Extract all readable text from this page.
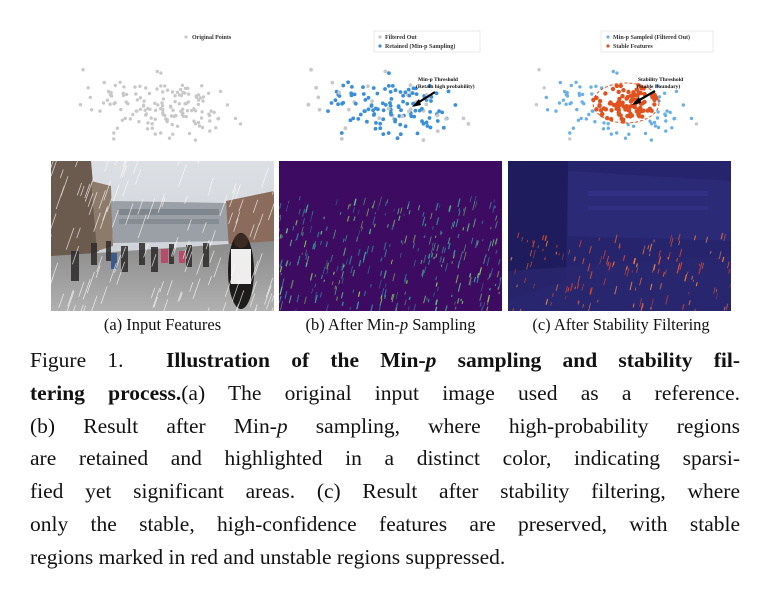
Original Points	Filtered Out
Retained (Min-p Sampling)
Min-p Threshold
(Retain high probability)
Min-p Sampled (Filtered Out)
Stable Features
Stability Threshold
(Stable Boundary)
(a) Input Features	(b) After Min-p Sampling	(c) After Stability Filtering
Figure 1. Illustration of the Min-p sampling and stability fil-
tering process.(a) The original input image used as a reference.
(b) Result after Min-p sampling, where high-probability regions
are retained and highlighted in a distinct color, indicating sparsi-
fied yet significant areas. (c) Result after stability filtering, where
only the stable, high-confidence features are preserved, with stable
regions marked in red and unstable regions suppressed.
